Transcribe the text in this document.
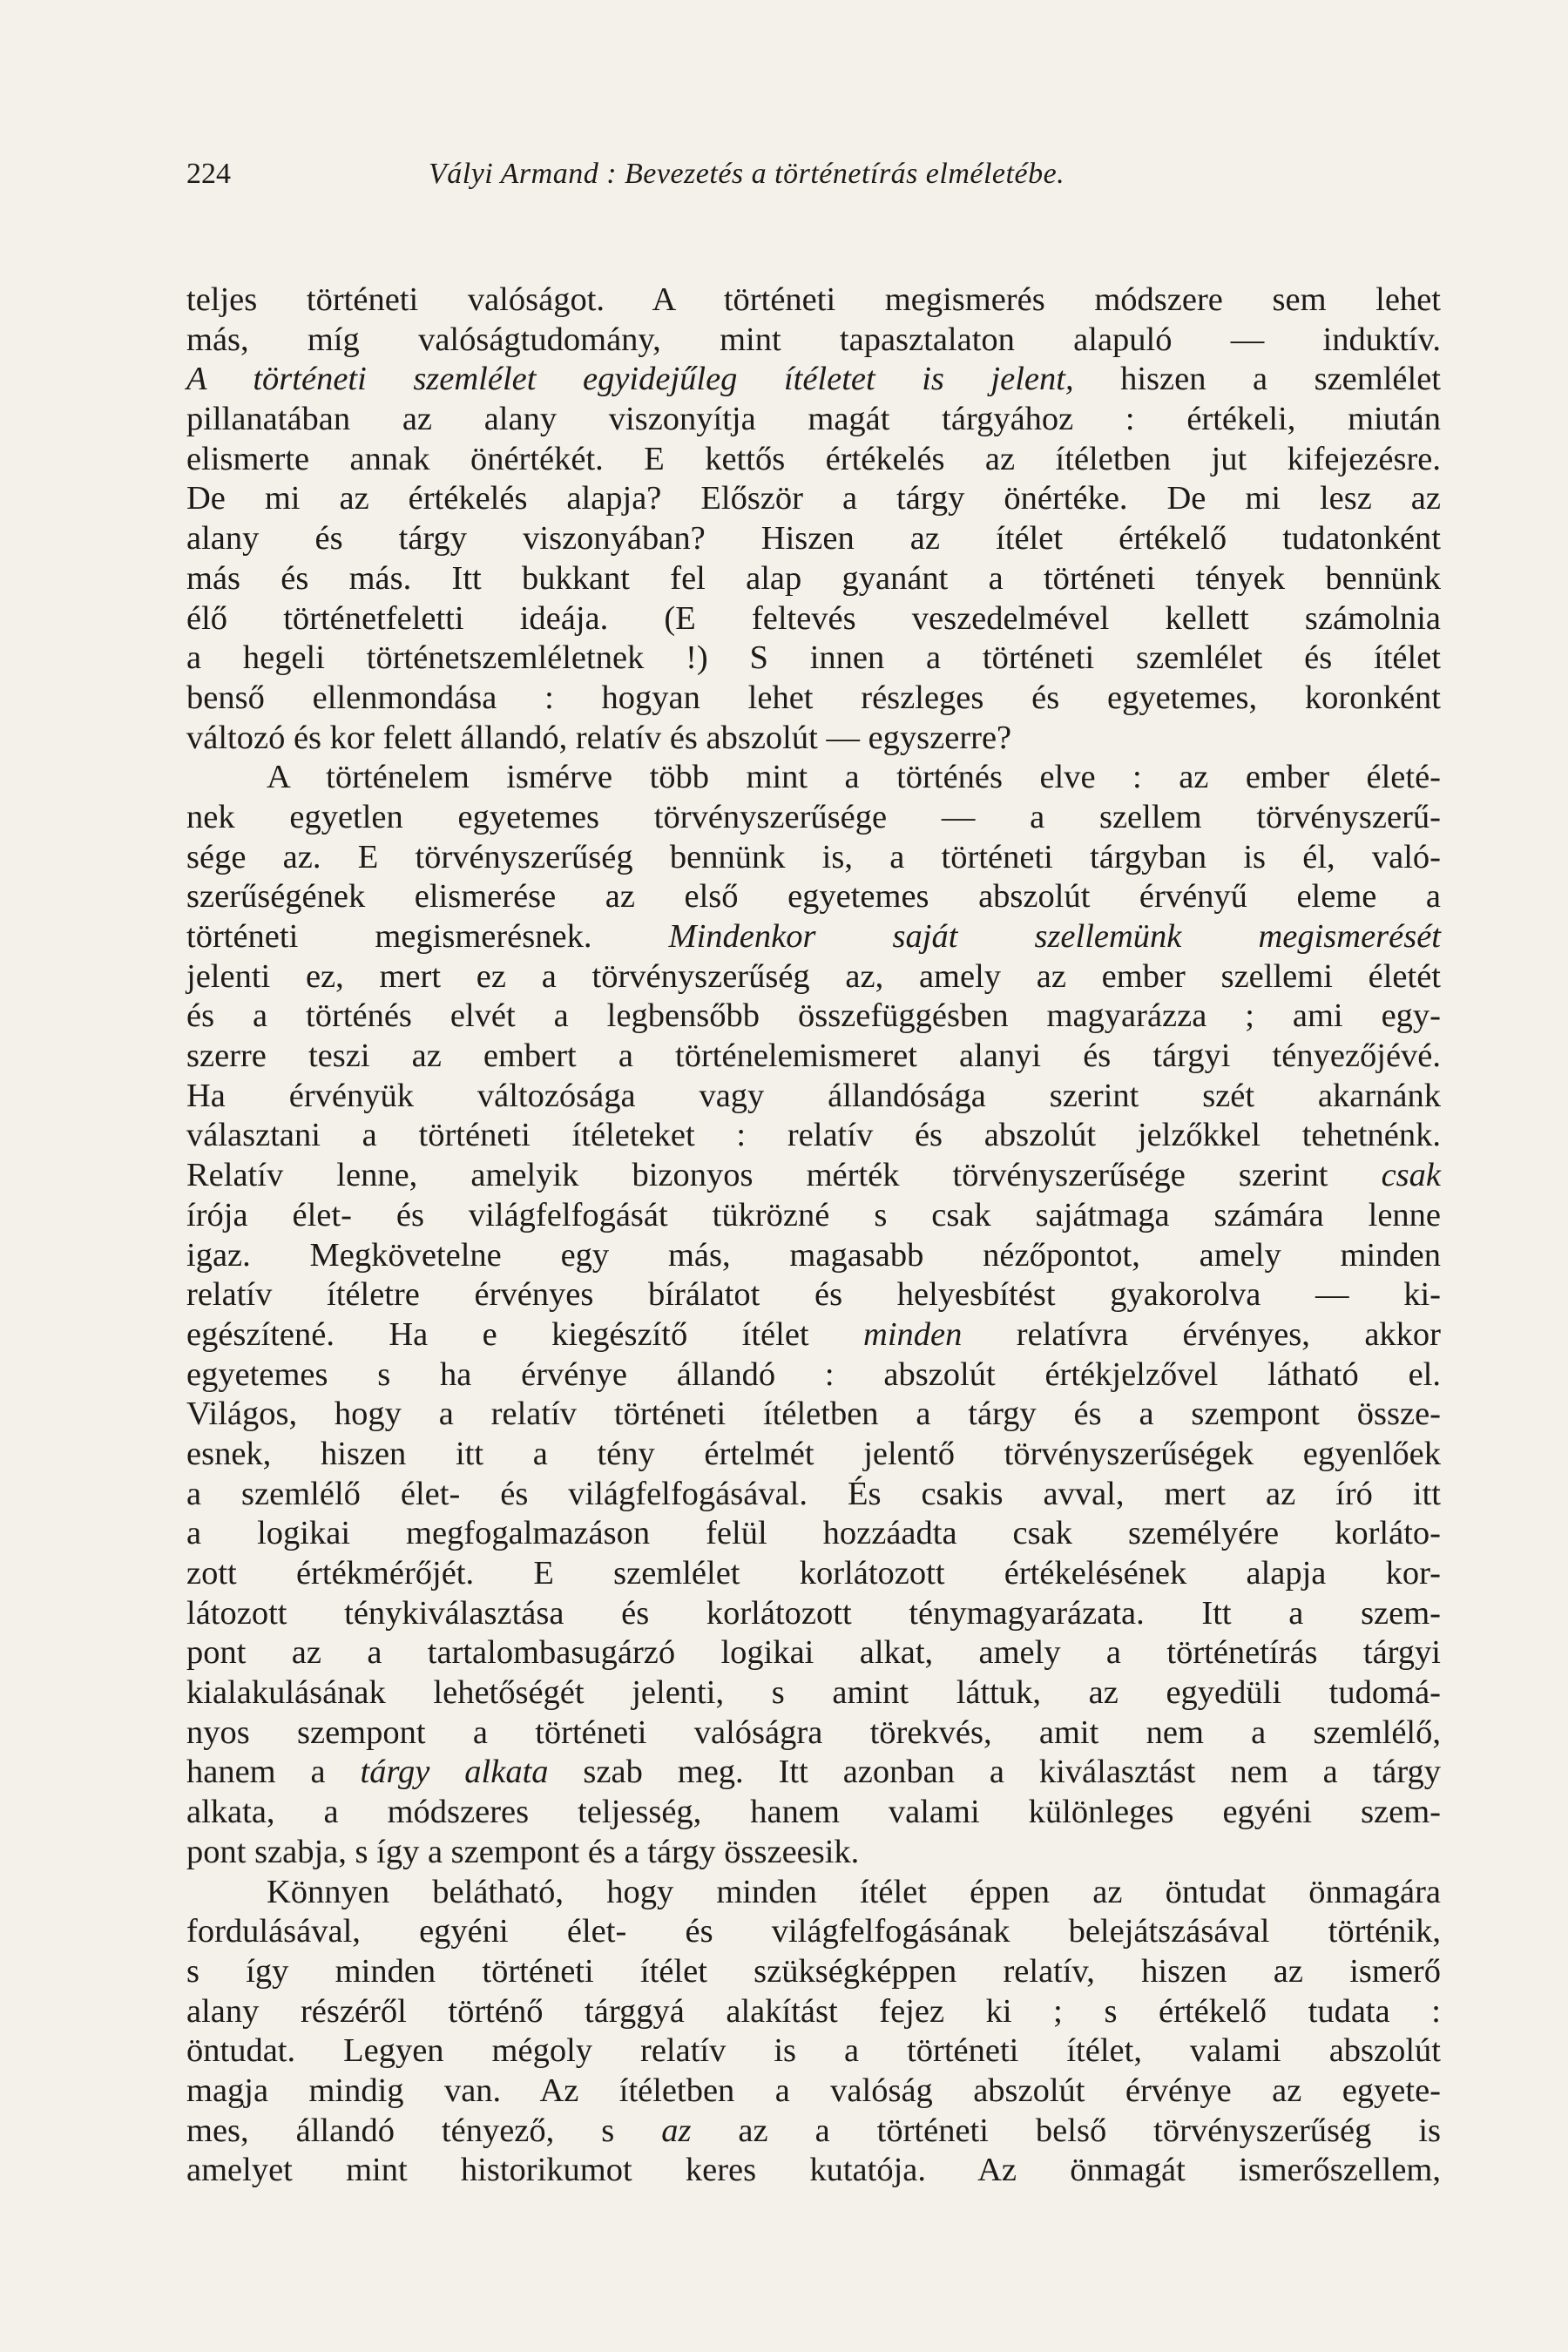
224	Vályi Armand : Bevezetés a történetírás elméletébe.
teljes történeti valóságot. A történeti megismerés módszere sem lehet
más, míg valóságtudomány, mint tapasztalaton alapuló — induktív.
A történeti szemlélet egyidejűleg ítéletet is jelent, hiszen a szemlélet
pillanatában az alany viszonyítja magát tárgyához : értékeli, miután
elismerte annak önértékét. E kettős értékelés az ítéletben jut kifejezésre.
De mi az értékelés alapja? Először a tárgy önértéke. De mi lesz az
alany és tárgy viszonyában? Hiszen az ítélet értékelő tudatonként
más és más. Itt bukkant fel alap gyanánt a történeti tények bennünk
élő történetfeletti ideája. (E feltevés veszedelmével kellett számolnia
a hegeli történetszemléletnek !) S innen a történeti szemlélet és ítélet
benső ellenmondása : hogyan lehet részleges és egyetemes, koronként
változó és kor felett állandó, relatív és abszolút — egyszerre?
A történelem ismérve több mint a történés elve : az ember életé-
nek egyetlen egyetemes törvényszerűsége — a szellem törvényszerű-
sége az. E törvényszerűség bennünk is, a történeti tárgyban is él, való-
szerűségének elismerése az első egyetemes abszolút érvényű eleme a
történeti megismerésnek. Mindenkor saját szellemünk megismerését
jelenti ez, mert ez a törvényszerűség az, amely az ember szellemi életét
és a történés elvét a legbensőbb összefüggésben magyarázza ; ami egy-
szerre teszi az embert a történelemismeret alanyi és tárgyi tényezőjévé.
Ha érvényük változósága vagy állandósága szerint szét akarnánk
választani a történeti ítéleteket : relatív és abszolút jelzőkkel tehetnénk.
Relatív lenne, amelyik bizonyos mérték törvényszerűsége szerint csak
írója élet- és világfelfogását tükrözné s csak sajátmaga számára lenne
igaz. Megkövetelne egy más, magasabb nézőpontot, amely minden
relatív ítéletre érvényes bírálatot és helyesbítést gyakorolva — ki-
egészítené. Ha e kiegészítő ítélet minden relatívra érvényes, akkor
egyetemes s ha érvénye állandó : abszolút értékjelzővel látható el.
Világos, hogy a relatív történeti ítéletben a tárgy és a szempont össze-
esnek, hiszen itt a tény értelmét jelentő törvényszerűségek egyenlőek
a szemlélő élet- és világfelfogásával. És csakis avval, mert az író itt
a logikai megfogalmazáson felül hozzáadta csak személyére korláto-
zott értékmérőjét. E szemlélet korlátozott értékelésének alapja kor-
látozott ténykiválasztása és korlátozott ténymagyarázata. Itt a szem-
pont az a tartalombasugárzó logikai alkat, amely a történetírás tárgyi
kialakulásának lehetőségét jelenti, s amint láttuk, az egyedüli tudomá-
nyos szempont a történeti valóságra törekvés, amit nem a szemlélő,
hanem a tárgy alkata szab meg. Itt azonban a kiválasztást nem a tárgy
alkata, a módszeres teljesség, hanem valami különleges egyéni szem-
pont szabja, s így a szempont és a tárgy összeesik.
Könnyen belátható, hogy minden ítélet éppen az öntudat önmagára
fordulásával, egyéni élet- és világfelfogásának belejátszásával történik,
s így minden történeti ítélet szükségképpen relatív, hiszen az ismerő
alany részéről történő tárggyá alakítást fejez ki ; s értékelő tudata :
öntudat. Legyen mégoly relatív is a történeti ítélet, valami abszolút
magja mindig van. Az ítéletben a valóság abszolút érvénye az egyete-
mes, állandó tényező, s az az a történeti belső törvényszerűség is
amelyet mint historikumot keres kutatója. Az önmagát ismerőszellem,
